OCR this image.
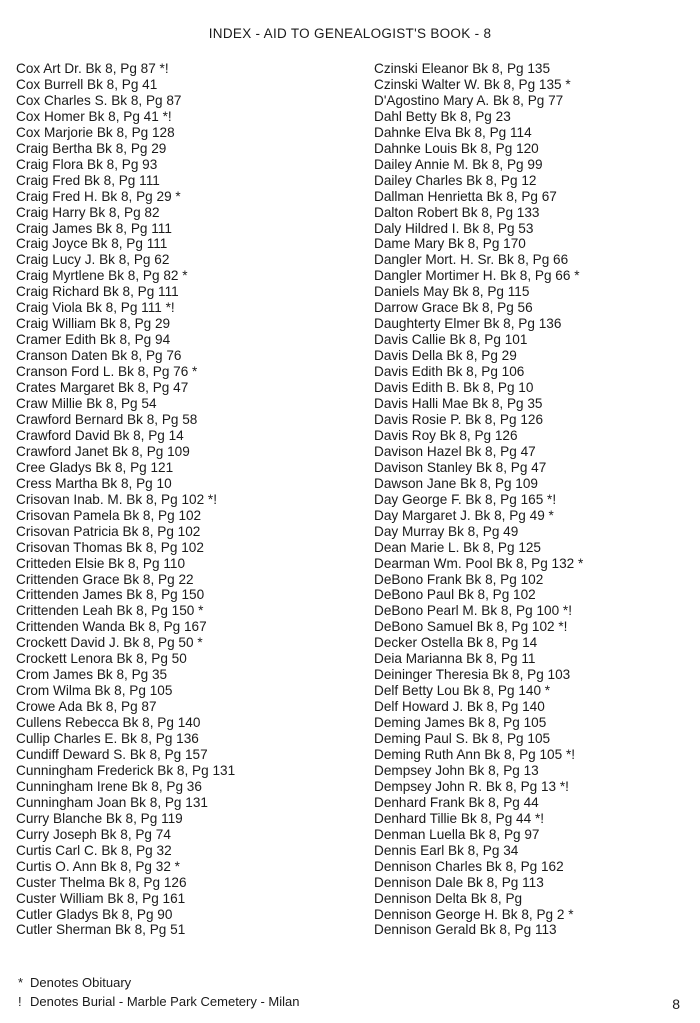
INDEX - AID TO GENEALOGIST'S BOOK - 8
Cox Art Dr. Bk 8, Pg 87 *!
Cox Burrell Bk 8, Pg 41
Cox Charles S. Bk 8, Pg 87
Cox Homer Bk 8, Pg 41 *!
Cox Marjorie Bk 8, Pg 128
Craig Bertha Bk 8, Pg 29
Craig Flora Bk 8, Pg 93
Craig Fred Bk 8, Pg 111
Craig Fred H. Bk 8, Pg 29 *
Craig Harry Bk 8, Pg 82
Craig James Bk 8, Pg 111
Craig Joyce Bk 8, Pg 111
Craig Lucy J. Bk 8, Pg 62
Craig Myrtlene Bk 8, Pg 82 *
Craig Richard Bk 8, Pg 111
Craig Viola Bk 8, Pg 111 *!
Craig William Bk 8, Pg 29
Cramer Edith Bk 8, Pg 94
Cranson Daten Bk 8, Pg 76
Cranson Ford L. Bk 8, Pg 76 *
Crates Margaret Bk 8, Pg 47
Craw Millie Bk 8, Pg 54
Crawford Bernard Bk 8, Pg 58
Crawford David Bk 8, Pg 14
Crawford Janet Bk 8, Pg 109
Cree Gladys Bk 8, Pg 121
Cress Martha Bk 8, Pg 10
Crisovan Inab. M. Bk 8, Pg 102 *!
Crisovan Pamela Bk 8, Pg 102
Crisovan Patricia Bk 8, Pg 102
Crisovan Thomas Bk 8, Pg 102
Critteden Elsie Bk 8, Pg 110
Crittenden Grace Bk 8, Pg 22
Crittenden James Bk 8, Pg 150
Crittenden Leah Bk 8, Pg 150 *
Crittenden Wanda Bk 8, Pg 167
Crockett David J. Bk 8, Pg 50 *
Crockett Lenora Bk 8, Pg 50
Crom James Bk 8, Pg 35
Crom Wilma Bk 8, Pg 105
Crowe Ada Bk 8, Pg 87
Cullens Rebecca Bk 8, Pg 140
Cullip Charles E. Bk 8, Pg 136
Cundiff Deward S. Bk 8, Pg 157
Cunningham Frederick Bk 8, Pg 131
Cunningham Irene Bk 8, Pg 36
Cunningham Joan Bk 8, Pg 131
Curry Blanche Bk 8, Pg 119
Curry Joseph Bk 8, Pg 74
Curtis Carl C. Bk 8, Pg 32
Curtis O. Ann Bk 8, Pg 32 *
Custer Thelma Bk 8, Pg 126
Custer William Bk 8, Pg 161
Cutler Gladys Bk 8, Pg 90
Cutler Sherman Bk 8, Pg 51
Czinski Eleanor Bk 8, Pg 135
Czinski Walter W. Bk 8, Pg 135 *
D'Agostino Mary A. Bk 8, Pg 77
Dahl Betty Bk 8, Pg 23
Dahnke Elva Bk 8, Pg 114
Dahnke Louis Bk 8, Pg 120
Dailey Annie M. Bk 8, Pg 99
Dailey Charles Bk 8, Pg 12
Dallman Henrietta Bk 8, Pg 67
Dalton Robert Bk 8, Pg 133
Daly Hildred I. Bk 8, Pg 53
Dame Mary Bk 8, Pg 170
Dangler Mort. H. Sr. Bk 8, Pg 66
Dangler Mortimer H. Bk 8, Pg 66 *
Daniels May Bk 8, Pg 115
Darrow Grace Bk 8, Pg 56
Daughterty Elmer Bk 8, Pg 136
Davis Callie Bk 8, Pg 101
Davis Della Bk 8, Pg 29
Davis Edith Bk 8, Pg 106
Davis Edith B. Bk 8, Pg 10
Davis Halli Mae Bk 8, Pg 35
Davis Rosie P. Bk 8, Pg 126
Davis Roy Bk 8, Pg 126
Davison Hazel Bk 8, Pg 47
Davison Stanley Bk 8, Pg 47
Dawson Jane Bk 8, Pg 109
Day George F. Bk 8, Pg 165 *!
Day Margaret J. Bk 8, Pg 49 *
Day Murray Bk 8, Pg 49
Dean Marie L. Bk 8, Pg 125
Dearman Wm. Pool Bk 8, Pg 132 *
DeBono Frank Bk 8, Pg 102
DeBono Paul Bk 8, Pg 102
DeBono Pearl M. Bk 8, Pg 100 *!
DeBono Samuel Bk 8, Pg 102 *!
Decker Ostella Bk 8, Pg 14
Deia Marianna Bk 8, Pg 11
Deininger Theresia Bk 8, Pg 103
Delf Betty Lou Bk 8, Pg 140 *
Delf Howard J. Bk 8, Pg 140
Deming James Bk 8, Pg 105
Deming Paul S. Bk 8, Pg 105
Deming Ruth Ann Bk 8, Pg 105 *!
Dempsey John Bk 8, Pg 13
Dempsey John R. Bk 8, Pg 13 *!
Denhard Frank Bk 8, Pg 44
Denhard Tillie Bk 8, Pg 44 *!
Denman Luella Bk 8, Pg 97
Dennis Earl Bk 8, Pg 34
Dennison Charles Bk 8, Pg 162
Dennison Dale Bk 8, Pg 113
Dennison Delta Bk 8, Pg
Dennison George H. Bk 8, Pg 2 *
Dennison Gerald Bk 8, Pg 113
* Denotes Obituary
! Denotes Burial - Marble Park Cemetery - Milan	8
